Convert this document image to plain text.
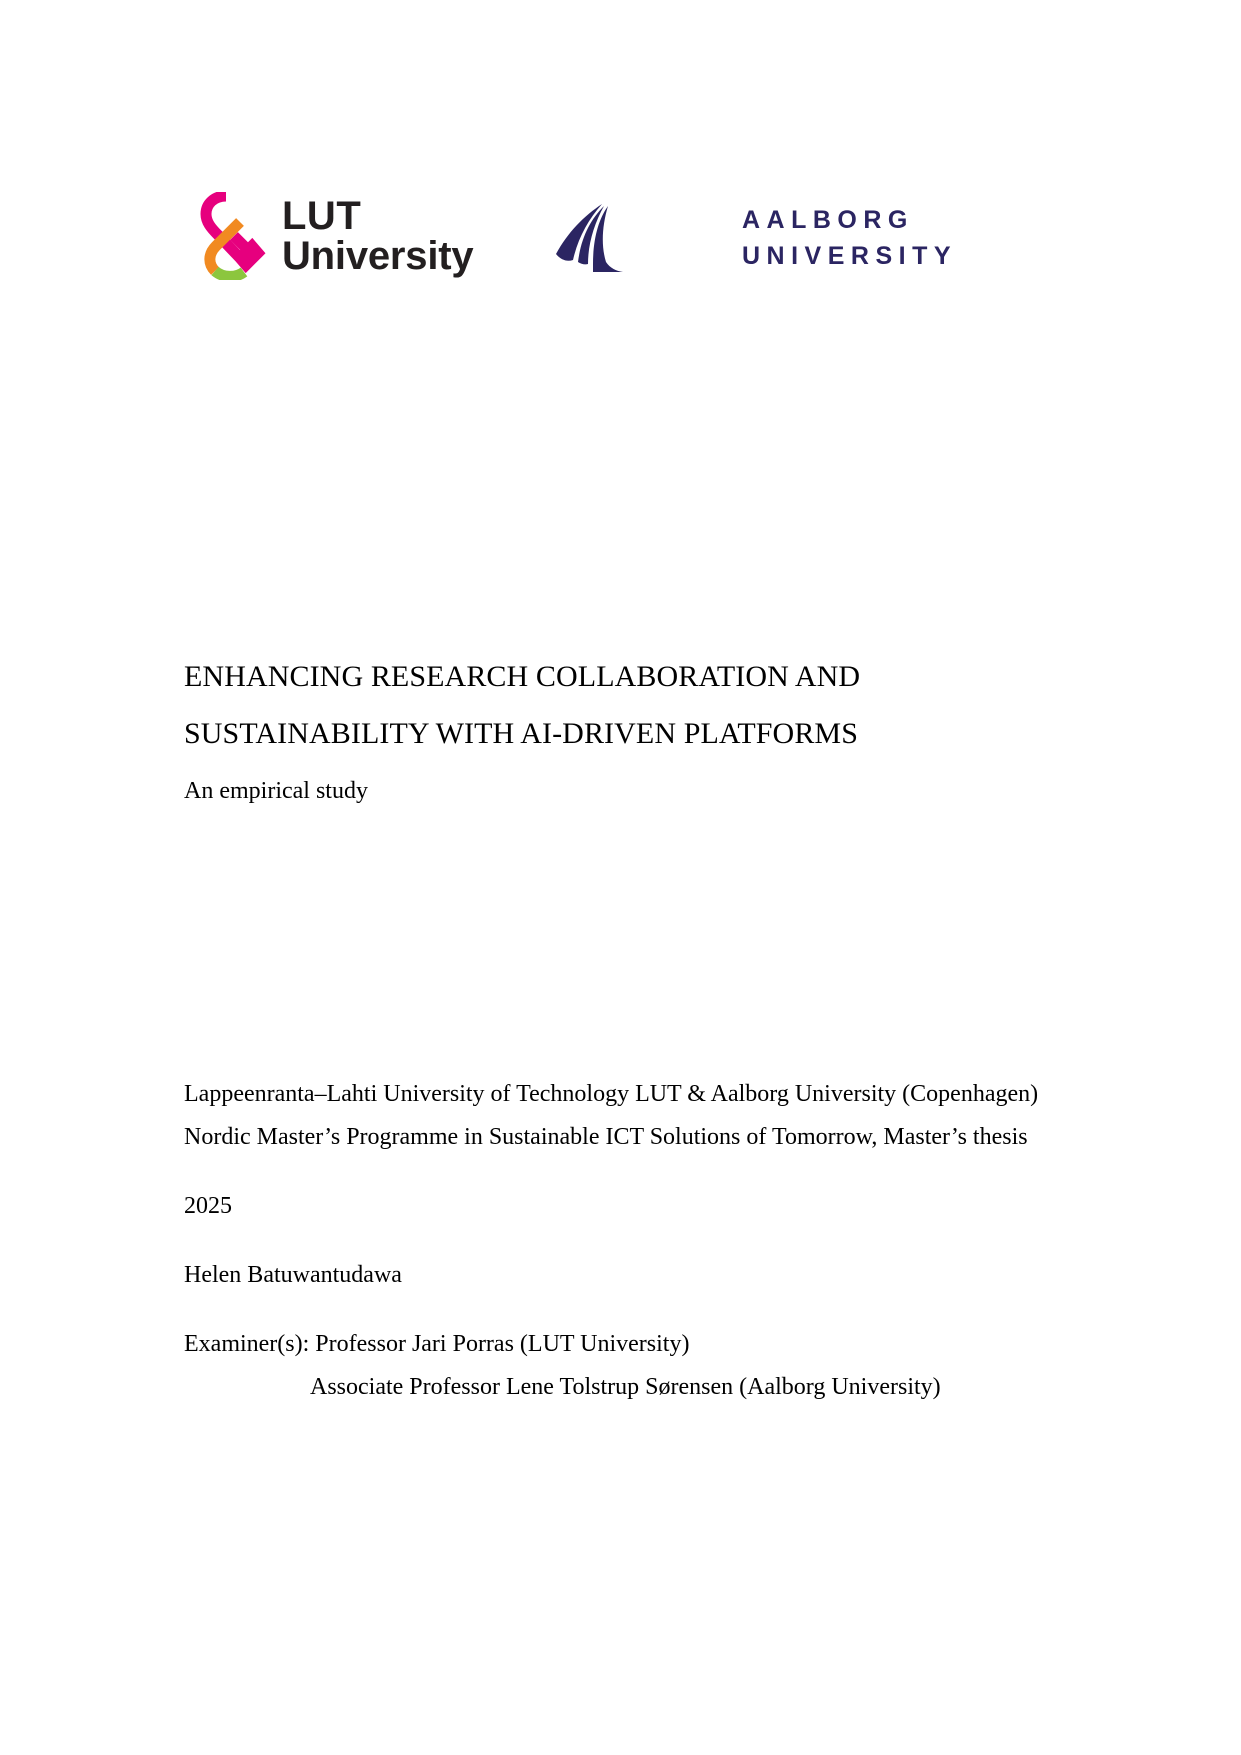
LUT
University
AALBORG
UNIVERSITY
ENHANCING RESEARCH COLLABORATION AND
SUSTAINABILITY WITH AI-DRIVEN PLATFORMS
An empirical study
Lappeenranta–Lahti University of Technology LUT & Aalborg University (Copenhagen)
Nordic Master’s Programme in Sustainable ICT Solutions of Tomorrow, Master’s thesis
2025
Helen Batuwantudawa
Examiner(s): Professor Jari Porras (LUT University)
Associate Professor Lene Tolstrup Sørensen (Aalborg University)
